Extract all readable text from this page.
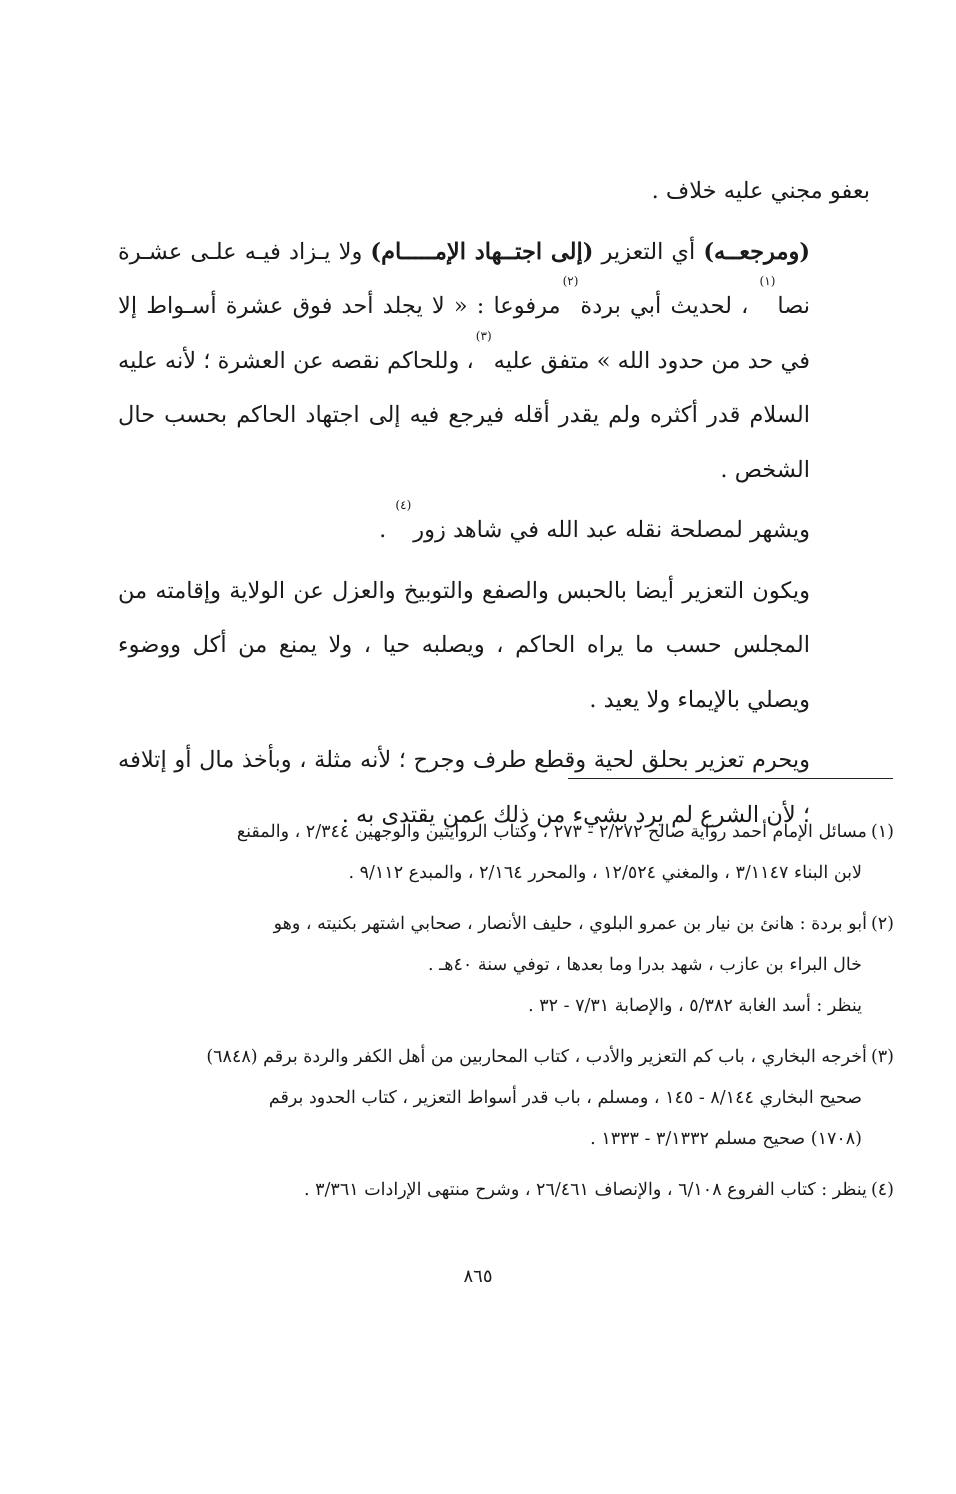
بعفو مجني عليه خلاف .

(ومرجعــه) أي التعزير (إلى اجتــهاد الإمـــــام) ولا يـزاد فيـه علـى عشـرة نصا(١) ، لحديث أبي بردة(٢)مرفوعا : « لا يجلد أحد فوق عشرة أسـواط إلا في حد من حدود الله » متفق عليه(٣)، وللحاكم نقصه عن العشرة ؛ لأنه عليه السلام قدر أكثره ولم يقدر أقله فيرجع فيه إلى اجتهاد الحاكم بحسب حال الشخص .

ويشهر لمصلحة نقله عبد الله في شاهد زور(٤) .

ويكون التعزير أيضا بالحبس والصفع والتوبيخ والعزل عن الولاية وإقامته من المجلس حسب ما يراه الحاكم ، ويصلبه حيا ، ولا يمنع من أكل ووضوء ويصلي بالإيماء ولا يعيد .

ويحرم تعزير بحلق لحية وقطع طرف وجرح ؛ لأنه مثلة ، وبأخذ مال أو إتلافه ؛ لأن الشرع لم يرد بشيء من ذلك عمن يقتدى به .

(١)مسائل الإمام أحمد رواية صالح ٢/٢٧٢ - ٢٧٣ ، وكتاب الروايتين والوجهين ٢/٣٤٤ ، والمقنع
لابن البناء ٣/١١٤٧ ، والمغني ١٢/٥٢٤ ، والمحرر ٢/١٦٤ ، والمبدع ٩/١١٢ .
(٢)أبو بردة : هانئ بن نيار بن عمرو البلوي ، حليف الأنصار ، صحابي اشتهر بكنيته ، وهو
خال البراء بن عازب ، شهد بدرا وما بعدها ، توفي سنة ٤٠هـ .
ينظر : أسد الغابة ٥/٣٨٢ ، والإصابة ٧/٣١ - ٣٢ .
(٣)أخرجه البخاري ، باب كم التعزير والأدب ، كتاب المحاربين من أهل الكفر والردة برقم (٦٨٤٨)
صحيح البخاري ٨/١٤٤ - ١٤٥ ، ومسلم ، باب قدر أسواط التعزير ، كتاب الحدود برقم
(١٧٠٨) صحيح مسلم ٣/١٣٣٢ - ١٣٣٣ .
(٤)ينظر : كتاب الفروع ٦/١٠٨ ، والإنصاف ٢٦/٤٦١ ، وشرح منتهى الإرادات ٣/٣٦١ .
٨٦٥
